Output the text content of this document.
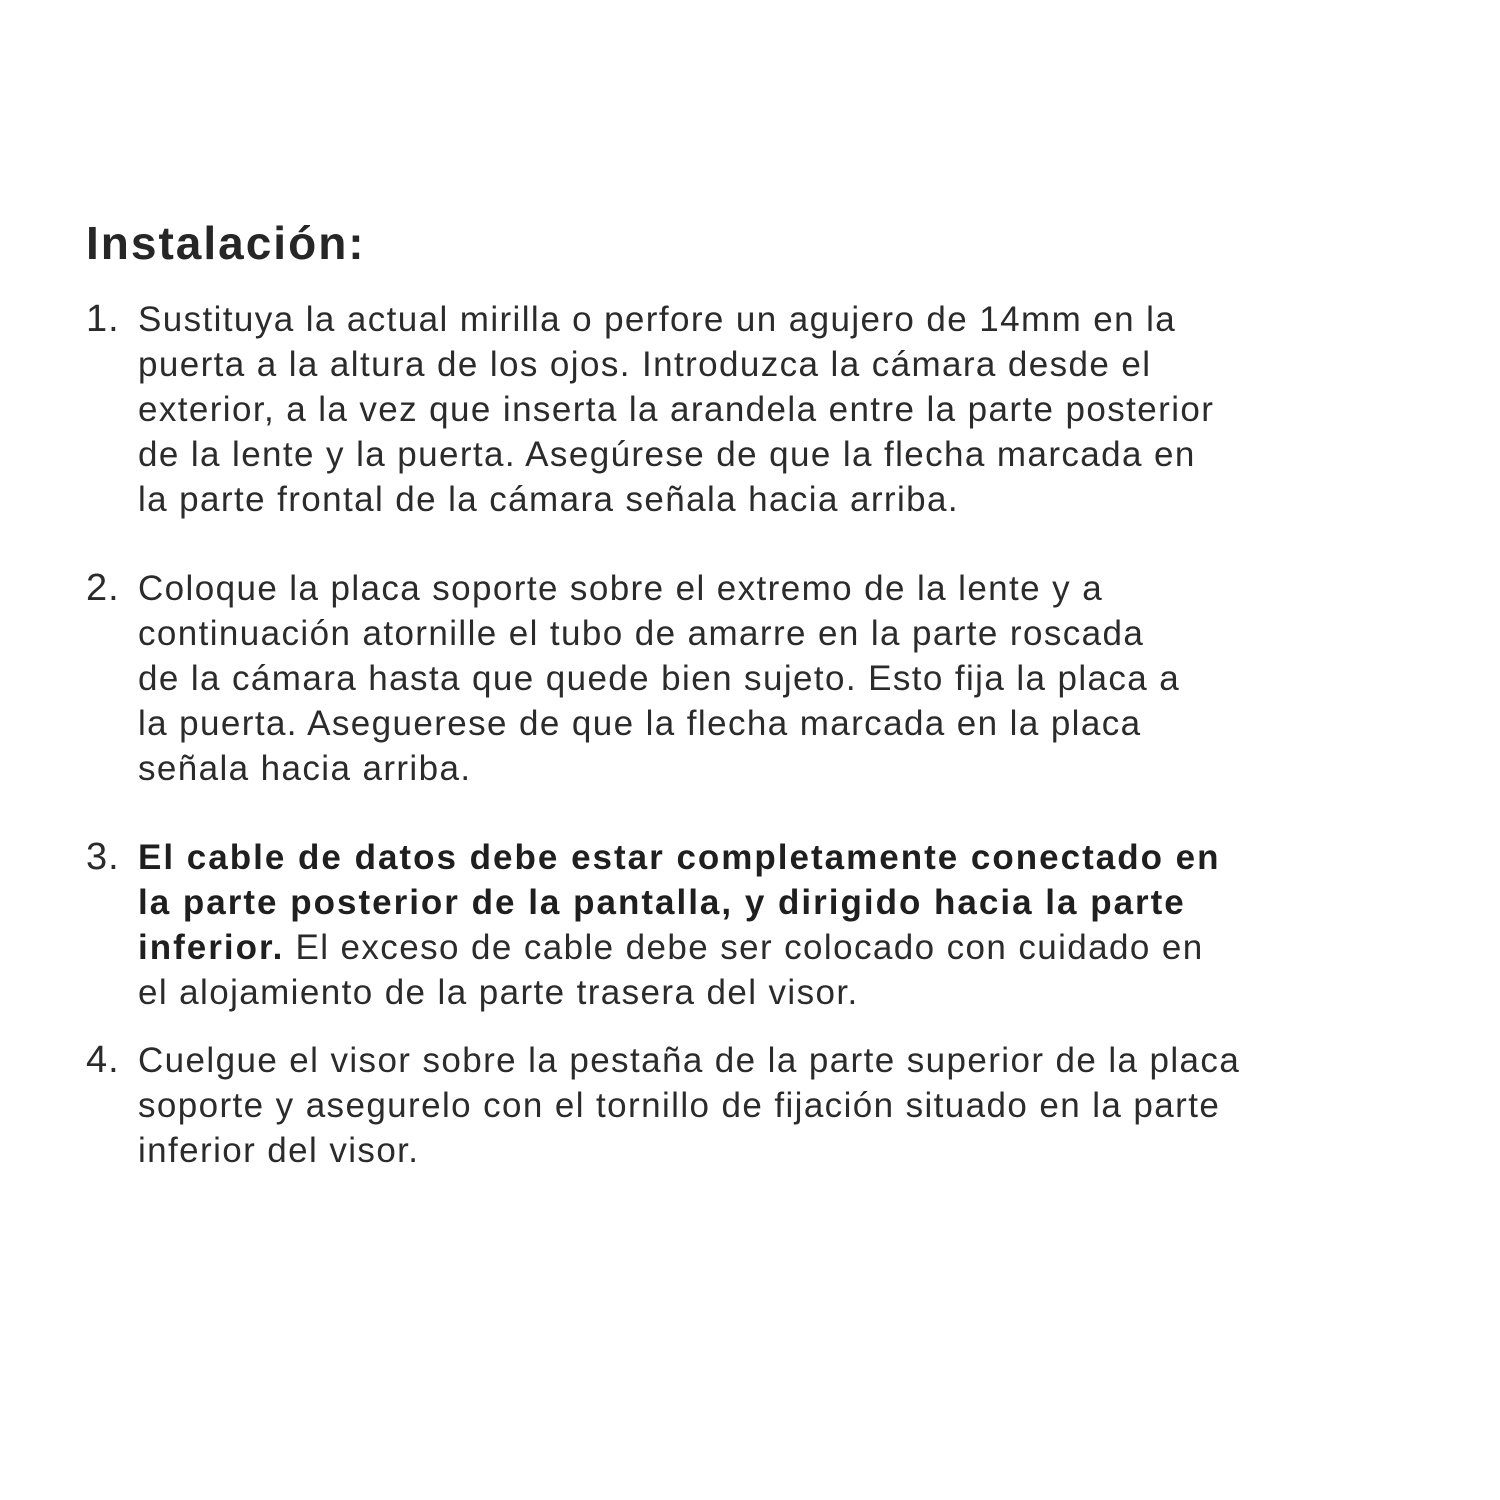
Instalación:
1. Sustituya la actual mirilla o perfore un agujero de 14mm en la
puerta a la altura de los ojos. Introduzca la cámara desde el
exterior, a la vez que inserta la arandela entre la parte posterior
de la lente y la puerta. Asegúrese de que la flecha marcada en
la parte frontal de la cámara señala hacia arriba.
2. Coloque la placa soporte sobre el extremo de la lente y a
continuación atornille el tubo de amarre en la parte roscada
de la cámara hasta que quede bien sujeto. Esto fija la placa a
la puerta. Aseguerese de que la flecha marcada en la placa
señala hacia arriba.
3. El cable de datos debe estar completamente conectado en
la parte posterior de la pantalla, y dirigido hacia la parte
inferior. El exceso de cable debe ser colocado con cuidado en
el alojamiento de la parte trasera del visor.
4. Cuelgue el visor sobre la pestaña de la parte superior de la placa
soporte y asegurelo con el tornillo de fijación situado en la parte
inferior del visor.
